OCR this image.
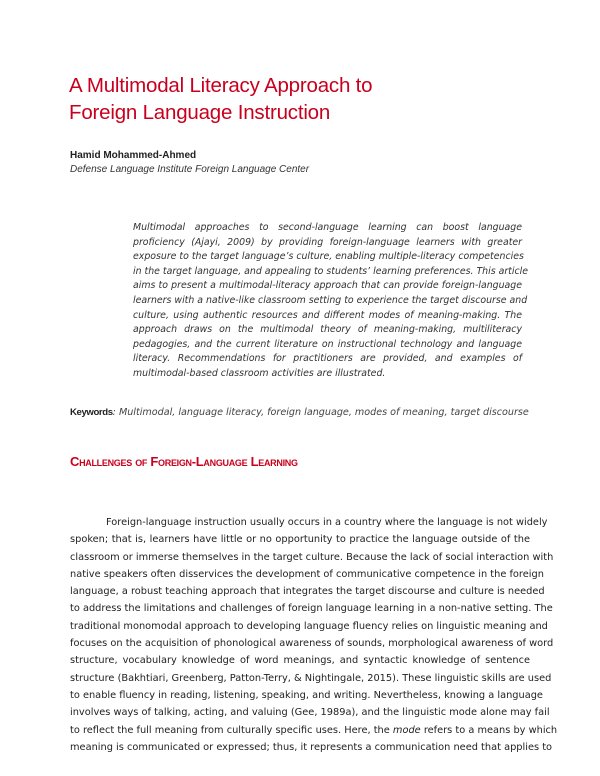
A Multimodal Literacy Approach to
Foreign Language Instruction
Hamid Mohammed-Ahmed
Defense Language Institute Foreign Language Center
Multimodal approaches to second-language learning can boost language
proficiency (Ajayi, 2009) by providing foreign-language learners with greater
exposure to the target language’s culture, enabling multiple-literacy competencies
in the target language, and appealing to students’ learning preferences. This article
aims to present a multimodal-literacy approach that can provide foreign-language
learners with a native-like classroom setting to experience the target discourse and
culture, using authentic resources and different modes of meaning-making. The
approach draws on the multimodal theory of meaning-making, multiliteracy
pedagogies, and the current literature on instructional technology and language
literacy. Recommendations for practitioners are provided, and examples of
multimodal-based classroom activities are illustrated.
Keywords: Multimodal, language literacy, foreign language, modes of meaning, target discourse
Challenges of Foreign-Language Learning
Foreign-language instruction usually occurs in a country where the language is not widely
spoken; that is, learners have little or no opportunity to practice the language outside of the
classroom or immerse themselves in the target culture. Because the lack of social interaction with
native speakers often disservices the development of communicative competence in the foreign
language, a robust teaching approach that integrates the target discourse and culture is needed
to address the limitations and challenges of foreign language learning in a non-native setting. The
traditional monomodal approach to developing language fluency relies on linguistic meaning and
focuses on the acquisition of phonological awareness of sounds, morphological awareness of word
structure, vocabulary knowledge of word meanings, and syntactic knowledge of sentence
structure (Bakhtiari, Greenberg, Patton-Terry, & Nightingale, 2015). These linguistic skills are used
to enable fluency in reading, listening, speaking, and writing. Nevertheless, knowing a language
involves ways of talking, acting, and valuing (Gee, 1989a), and the linguistic mode alone may fail
to reflect the full meaning from culturally specific uses. Here, the mode refers to a means by which
meaning is communicated or expressed; thus, it represents a communication need that applies to
